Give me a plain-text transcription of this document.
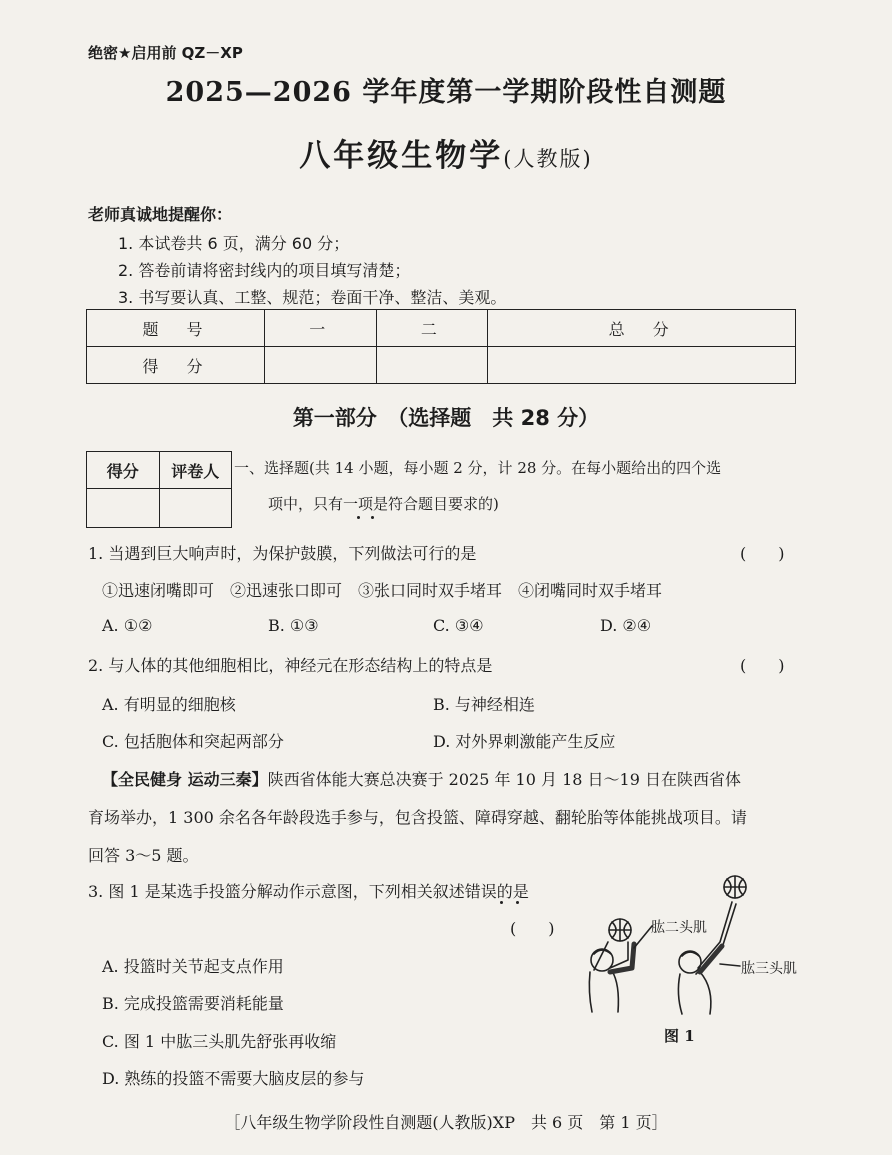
绝密★启用前 QZ－XP
2025—2026 学年度第一学期阶段性自测题
八年级生物学(人教版)
老师真诚地提醒你：
1. 本试卷共 6 页，满分 60 分；
2. 答卷前请将密封线内的项目填写清楚；
3. 书写要认真、工整、规范；卷面干净、整洁、美观。
题　号	一	二	总　分
得　分			
第一部分　（选择题　共 28 分）
得分	评卷人
	一、选择题(共 14 小题，每小题 2 分，计 28 分。在每小题给出的四个选
项中，只有一项是符合题目要求的)
1. 当遇到巨大响声时，为保护鼓膜，下列做法可行的是	(　　)
①迅速闭嘴即可　②迅速张口即可　③张口同时双手堵耳　④闭嘴同时双手堵耳
A. ①②	B. ①③	C. ③④	D. ②④
2. 与人体的其他细胞相比，神经元在形态结构上的特点是	(　　)
A. 有明显的细胞核	B. 与神经相连
C. 包括胞体和突起两部分	D. 对外界刺激能产生反应
【全民健身 运动三秦】陕西省体能大赛总决赛于 2025 年 10 月 18 日～19 日在陕西省体
育场举办，1 300 余名各年龄段选手参与，包含投篮、障碍穿越、翻轮胎等体能挑战项目。请
回答 3～5 题。
3. 图 1 是某选手投篮分解动作示意图，下列相关叙述错误的是
(　　)
A. 投篮时关节起支点作用
B. 完成投篮需要消耗能量
C. 图 1 中肱三头肌先舒张再收缩
D. 熟练的投篮不需要大脑皮层的参与
肱二头肌
肱三头肌
图 1
［八年级生物学阶段性自测题(人教版)XP　共 6 页　第 1 页］
